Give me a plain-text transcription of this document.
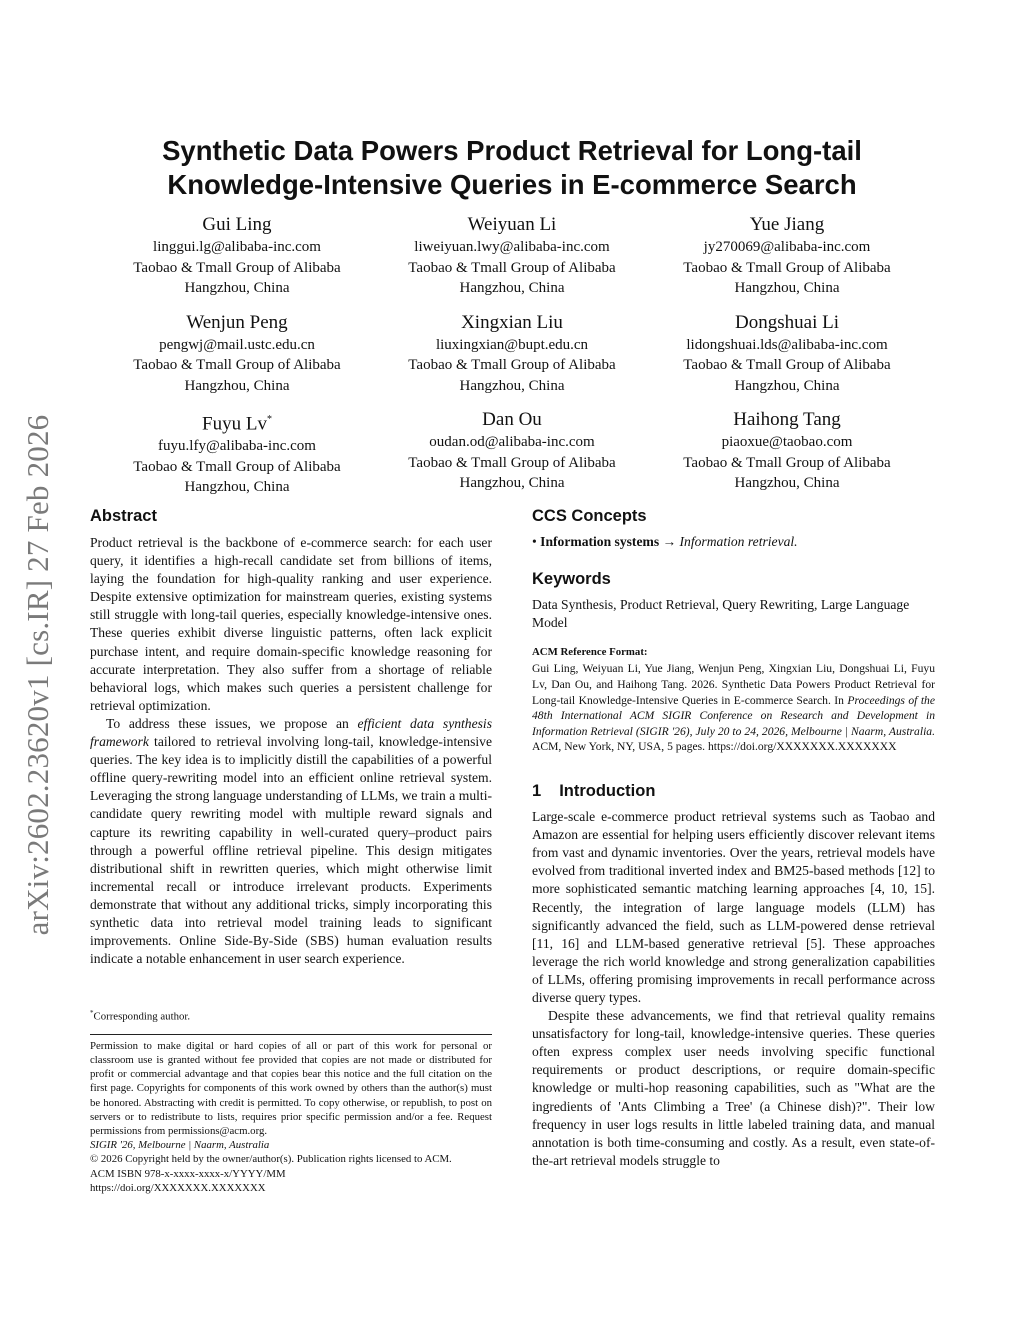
arXiv:2602.23620v1 [cs.IR] 27 Feb 2026
Synthetic Data Powers Product Retrieval for Long-tail
Knowledge-Intensive Queries in E-commerce Search
Gui Ling
linggui.lg@alibaba-inc.com
Taobao & Tmall Group of Alibaba
Hangzhou, China
Weiyuan Li
liweiyuan.lwy@alibaba-inc.com
Taobao & Tmall Group of Alibaba
Hangzhou, China
Yue Jiang
jy270069@alibaba-inc.com
Taobao & Tmall Group of Alibaba
Hangzhou, China
Wenjun Peng
pengwj@mail.ustc.edu.cn
Taobao & Tmall Group of Alibaba
Hangzhou, China
Xingxian Liu
liuxingxian@bupt.edu.cn
Taobao & Tmall Group of Alibaba
Hangzhou, China
Dongshuai Li
lidongshuai.lds@alibaba-inc.com
Taobao & Tmall Group of Alibaba
Hangzhou, China
Fuyu Lv*
fuyu.lfy@alibaba-inc.com
Taobao & Tmall Group of Alibaba
Hangzhou, China
Dan Ou
oudan.od@alibaba-inc.com
Taobao & Tmall Group of Alibaba
Hangzhou, China
Haihong Tang
piaoxue@taobao.com
Taobao & Tmall Group of Alibaba
Hangzhou, China
Abstract

Product retrieval is the backbone of e-commerce search: for each user query, it identifies a high-recall candidate set from billions of items, laying the foundation for high-quality ranking and user experience. Despite extensive optimization for mainstream queries, existing systems still struggle with long-tail queries, especially knowledge-intensive ones. These queries exhibit diverse linguistic patterns, often lack explicit purchase intent, and require domain-specific knowledge reasoning for accurate interpretation. They also suffer from a shortage of reliable behavioral logs, which makes such queries a persistent challenge for retrieval optimization.

To address these issues, we propose an efficient data synthesis framework tailored to retrieval involving long-tail, knowledge-intensive queries. The key idea is to implicitly distill the capabilities of a powerful offline query-rewriting model into an efficient online retrieval system. Leveraging the strong language understanding of LLMs, we train a multi-candidate query rewriting model with multiple reward signals and capture its rewriting capability in well-curated query–product pairs through a powerful offline retrieval pipeline. This design mitigates distributional shift in rewritten queries, which might otherwise limit incremental recall or introduce irrelevant products. Experiments demonstrate that without any additional tricks, simply incorporating this synthetic data into retrieval model training leads to significant improvements. Online Side-By-Side (SBS) human evaluation results indicate a notable enhancement in user search experience.

*Corresponding author.

Permission to make digital or hard copies of all or part of this work for personal or classroom use is granted without fee provided that copies are not made or distributed for profit or commercial advantage and that copies bear this notice and the full citation on the first page. Copyrights for components of this work owned by others than the author(s) must be honored. Abstracting with credit is permitted. To copy otherwise, or republish, to post on servers or to redistribute to lists, requires prior specific permission and/or a fee. Request permissions from permissions@acm.org.

SIGIR '26, Melbourne | Naarm, Australia

© 2026 Copyright held by the owner/author(s). Publication rights licensed to ACM.

ACM ISBN 978-x-xxxx-xxxx-x/YYYY/MM

https://doi.org/XXXXXXX.XXXXXXX

CCS Concepts

• Information systems → Information retrieval.

Keywords

Data Synthesis, Product Retrieval, Query Rewriting, Large Language Model

ACM Reference Format:

Gui Ling, Weiyuan Li, Yue Jiang, Wenjun Peng, Xingxian Liu, Dongshuai Li, Fuyu Lv, Dan Ou, and Haihong Tang. 2026. Synthetic Data Powers Product Retrieval for Long-tail Knowledge-Intensive Queries in E-commerce Search. In Proceedings of the 48th International ACM SIGIR Conference on Research and Development in Information Retrieval (SIGIR '26), July 20 to 24, 2026, Melbourne | Naarm, Australia. ACM, New York, NY, USA, 5 pages. https://doi.org/XXXXXXX.XXXXXXX

1 Introduction

Large-scale e-commerce product retrieval systems such as Taobao and Amazon are essential for helping users efficiently discover relevant items from vast and dynamic inventories. Over the years, retrieval models have evolved from traditional inverted index and BM25-based methods [12] to more sophisticated semantic matching learning approaches [4, 10, 15]. Recently, the integration of large language models (LLM) has significantly advanced the field, such as LLM-powered dense retrieval [11, 16] and LLM-based generative retrieval [5]. These approaches leverage the rich world knowledge and strong generalization capabilities of LLMs, offering promising improvements in recall performance across diverse query types.

Despite these advancements, we find that retrieval quality remains unsatisfactory for long-tail, knowledge-intensive queries. These queries often express complex user needs involving specific functional requirements or product descriptions, or require domain-specific knowledge or multi-hop reasoning capabilities, such as "What are the ingredients of 'Ants Climbing a Tree' (a Chinese dish)?". Their low frequency in user logs results in little labeled training data, and manual annotation is both time-consuming and costly. As a result, even state-of-the-art retrieval models struggle to
